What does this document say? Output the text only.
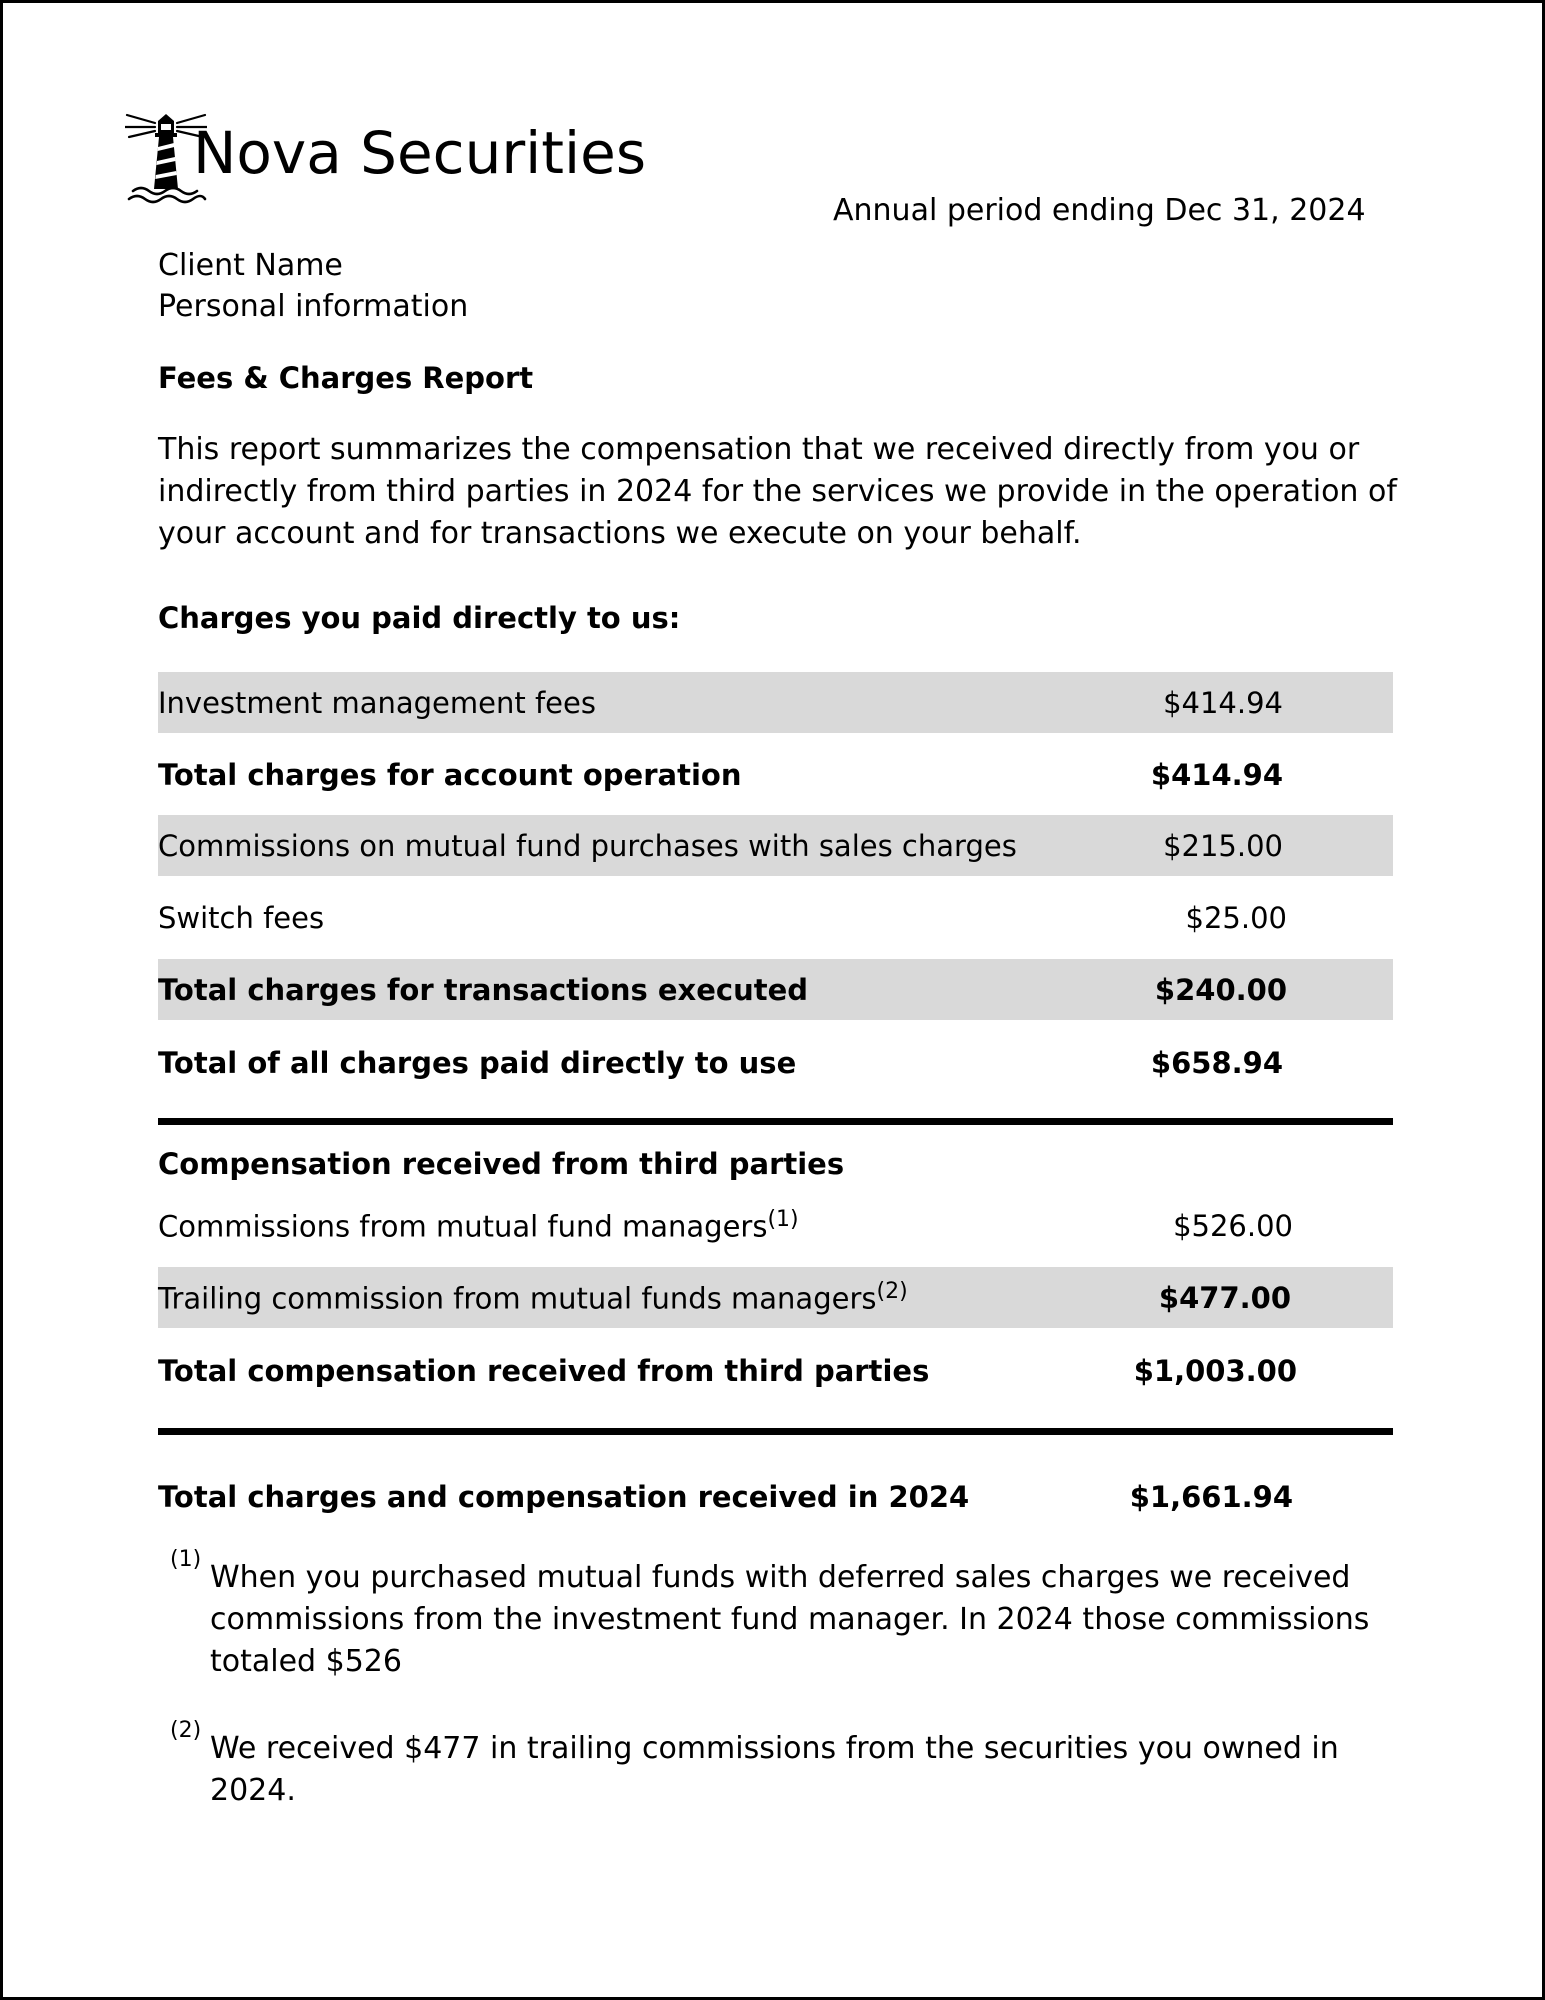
Nova Securities
Annual period ending Dec 31, 2024
Client Name
Personal information
Fees & Charges Report

This report summarizes the compensation that we received directly from you or indirectly from third parties in 2024 for the services we provide in the operation of your account and for transactions we execute on your behalf.

Charges you paid directly to us:
Investment management fees	$414.94
Total charges for account operation	$414.94
Commissions on mutual fund purchases with sales charges	$215.00
Switch fees	$25.00
Total charges for transactions executed	$240.00
Total of all charges paid directly to use	$658.94
Compensation received from third parties
Commissions from mutual fund managers$^{(1)}$	$526.00
Trailing commission from mutual funds managers$^{(2)}$	$477.00
Total compensation received from third parties	$1,003.00
Total charges and compensation received in 2024	$1,661.94
(1)
When you purchased mutual funds with deferred sales charges we received commissions from the investment fund manager. In 2024 those commissions totaled $526
(2)
We received $477 in trailing commissions from the securities you owned in 2024.
